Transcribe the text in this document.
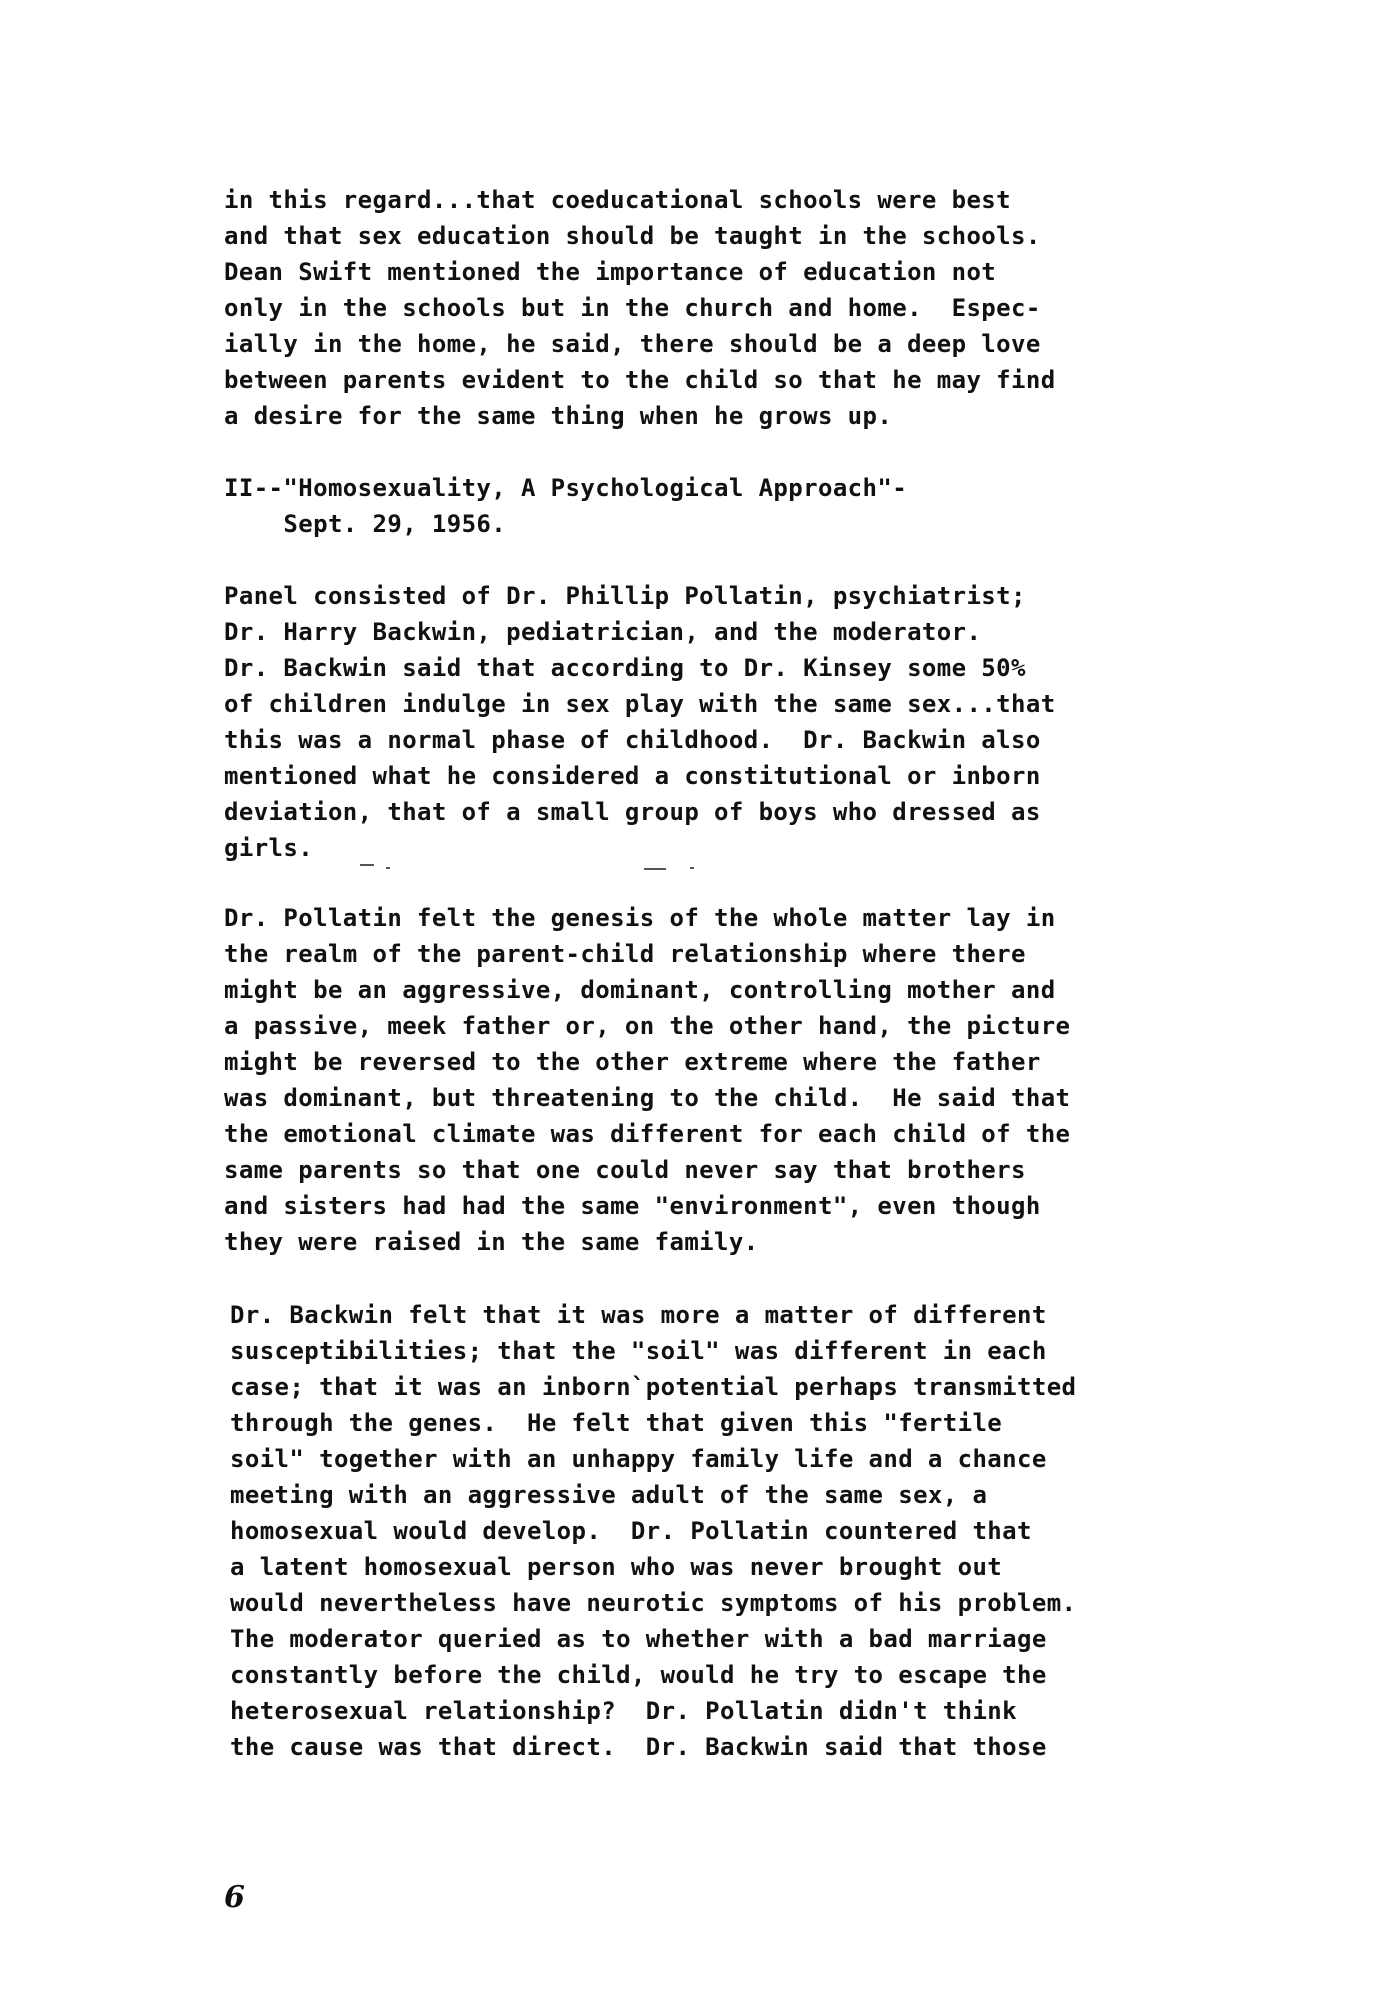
in this regard...that coeducational schools were best
and that sex education should be taught in the schools.
Dean Swift mentioned the importance of education not
only in the schools but in the church and home.  Espec-
ially in the home, he said, there should be a deep love
between parents evident to the child so that he may find
a desire for the same thing when he grows up.
II--"Homosexuality, A Psychological Approach"-
Sept. 29, 1956.
Panel consisted of Dr. Phillip Pollatin, psychiatrist;
Dr. Harry Backwin, pediatrician, and the moderator.
Dr. Backwin said that according to Dr. Kinsey some 50%
of children indulge in sex play with the same sex...that
this was a normal phase of childhood.  Dr. Backwin also
mentioned what he considered a constitutional or inborn
deviation, that of a small group of boys who dressed as
girls.
Dr. Pollatin felt the genesis of the whole matter lay in
the realm of the parent-child relationship where there
might be an aggressive, dominant, controlling mother and
a passive, meek father or, on the other hand, the picture
might be reversed to the other extreme where the father
was dominant, but threatening to the child.  He said that
the emotional climate was different for each child of the
same parents so that one could never say that brothers
and sisters had had the same "environment", even though
they were raised in the same family.
Dr. Backwin felt that it was more a matter of different
susceptibilities; that the "soil" was different in each
case; that it was an inborn`potential perhaps transmitted
through the genes.  He felt that given this "fertile
soil" together with an unhappy family life and a chance
meeting with an aggressive adult of the same sex, a
homosexual would develop.  Dr. Pollatin countered that
a latent homosexual person who was never brought out
would nevertheless have neurotic symptoms of his problem.
The moderator queried as to whether with a bad marriage
constantly before the child, would he try to escape the
heterosexual relationship?  Dr. Pollatin didn't think
the cause was that direct.  Dr. Backwin said that those
6
